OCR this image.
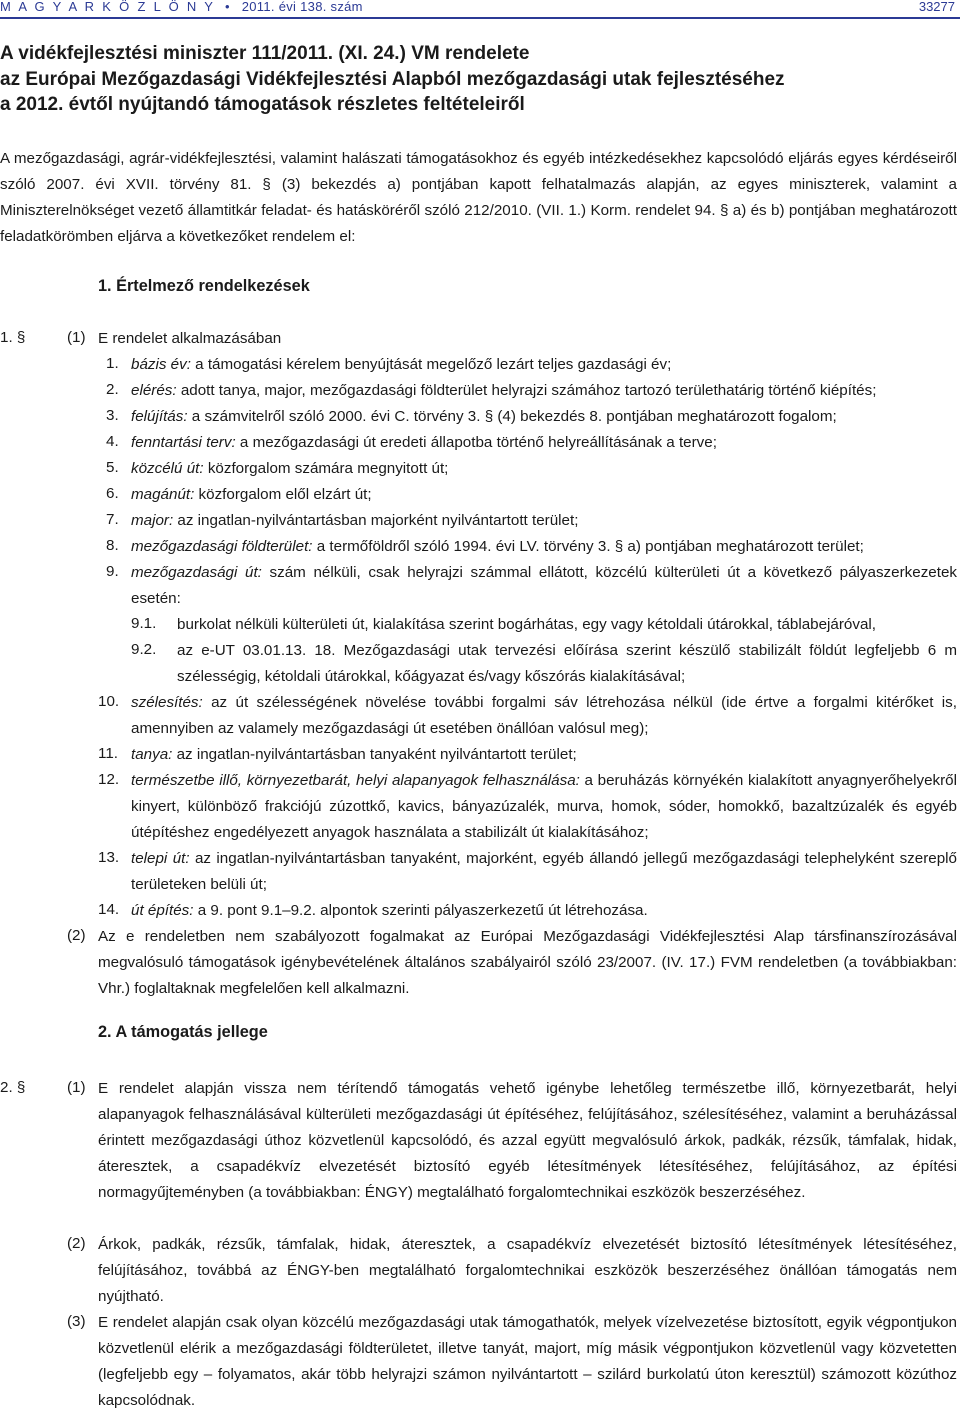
M A G Y A R K Ö Z L Ö N Y • 2011. évi 138. szám	33277
A vidékfejlesztési miniszter 111/2011. (XI. 24.) VM rendelete
az Európai Mezőgazdasági Vidékfejlesztési Alapból mezőgazdasági utak fejlesztéséhez
a 2012. évtől nyújtandó támogatások részletes feltételeiről
A mezőgazdasági, agrár-vidékfejlesztési, valamint halászati támogatásokhoz és egyéb intézkedésekhez kapcsolódó eljárás egyes kérdéseiről szóló 2007. évi XVII. törvény 81. § (3) bekezdés a) pontjában kapott felhatalmazás alapján, az egyes miniszterek, valamint a Miniszterelnökséget vezető államtitkár feladat- és hatásköréről szóló 212/2010. (VII. 1.) Korm. rendelet 94. § a) és b) pontjában meghatározott feladatkörömben eljárva a következőket rendelem el:
1. Értelmező rendelkezések
1. §	(1) E rendelet alkalmazásában
1. bázis év: a támogatási kérelem benyújtását megelőző lezárt teljes gazdasági év;
2. elérés: adott tanya, major, mezőgazdasági földterület helyrajzi számához tartozó területhatárig történő kiépítés;
3. felújítás: a számvitelről szóló 2000. évi C. törvény 3. § (4) bekezdés 8. pontjában meghatározott fogalom;
4. fenntartási terv: a mezőgazdasági út eredeti állapotba történő helyreállításának a terve;
5. közcélú út: közforgalom számára megnyitott út;
6. magánút: közforgalom elől elzárt út;
7. major: az ingatlan-nyilvántartásban majorként nyilvántartott terület;
8. mezőgazdasági földterület: a termőföldről szóló 1994. évi LV. törvény 3. § a) pontjában meghatározott terület;
9. mezőgazdasági út: szám nélküli, csak helyrajzi számmal ellátott, közcélú külterületi út a következő pályaszerkezetek esetén:
9.1. burkolat nélküli külterületi út, kialakítása szerint bogárhátas, egy vagy kétoldali útárokkal, táblabejáróval,
9.2. az e-UT 03.01.13. 18. Mezőgazdasági utak tervezési előírása szerint készülő stabilizált földút legfeljebb 6 m szélességig, kétoldali útárokkal, kőágyazat és/vagy kőszórás kialakításával;
10. szélesítés: az út szélességének növelése további forgalmi sáv létrehozása nélkül (ide értve a forgalmi kitérőket is, amennyiben az valamely mezőgazdasági út esetében önállóan valósul meg);
11. tanya: az ingatlan-nyilvántartásban tanyaként nyilvántartott terület;
12. természetbe illő, környezetbarát, helyi alapanyagok felhasználása: a beruházás környékén kialakított anyagnyerőhelyekről kinyert, különböző frakciójú zúzottkő, kavics, bányazúzalék, murva, homok, sóder, homokkő, bazaltzúzalék és egyéb útépítéshez engedélyezett anyagok használata a stabilizált út kialakításához;
13. telepi út: az ingatlan-nyilvántartásban tanyaként, majorként, egyéb állandó jellegű mezőgazdasági telephelyként szereplő területeken belüli út;
14. út építés: a 9. pont 9.1–9.2. alpontok szerinti pályaszerkezetű út létrehozása.
(2) Az e rendeletben nem szabályozott fogalmakat az Európai Mezőgazdasági Vidékfejlesztési Alap társfinanszírozásával megvalósuló támogatások igénybevételének általános szabályairól szóló 23/2007. (IV. 17.) FVM rendeletben (a továbbiakban: Vhr.) foglaltaknak megfelelően kell alkalmazni.
2. A támogatás jellege
2. §	(1) E rendelet alapján vissza nem térítendő támogatás vehető igénybe lehetőleg természetbe illő, környezetbarát, helyi alapanyagok felhasználásával külterületi mezőgazdasági út építéséhez, felújításához, szélesítéséhez, valamint a beruházással érintett mezőgazdasági úthoz közvetlenül kapcsolódó, és azzal együtt megvalósuló árkok, padkák, rézsűk, támfalak, hidak, áteresztek, a csapadékvíz elvezetését biztosító egyéb létesítmények létesítéséhez, felújításához, az építési normagyűjteményben (a továbbiakban: ÉNGY) megtalálható forgalomtechnikai eszközök beszerzéséhez.
(2) Árkok, padkák, rézsűk, támfalak, hidak, áteresztek, a csapadékvíz elvezetését biztosító létesítmények létesítéséhez, felújításához, továbbá az ÉNGY-ben megtalálható forgalomtechnikai eszközök beszerzéséhez önállóan támogatás nem nyújtható.
(3) E rendelet alapján csak olyan közcélú mezőgazdasági utak támogathatók, melyek vízelvezetése biztosított, egyik végpontjukon közvetlenül elérik a mezőgazdasági földterületet, illetve tanyát, majort, míg másik végpontjukon közvetlenül vagy közvetetten (legfeljebb egy – folyamatos, akár több helyrajzi számon nyilvántartott – szilárd burkolatú úton keresztül) számozott közúthoz kapcsolódnak.
